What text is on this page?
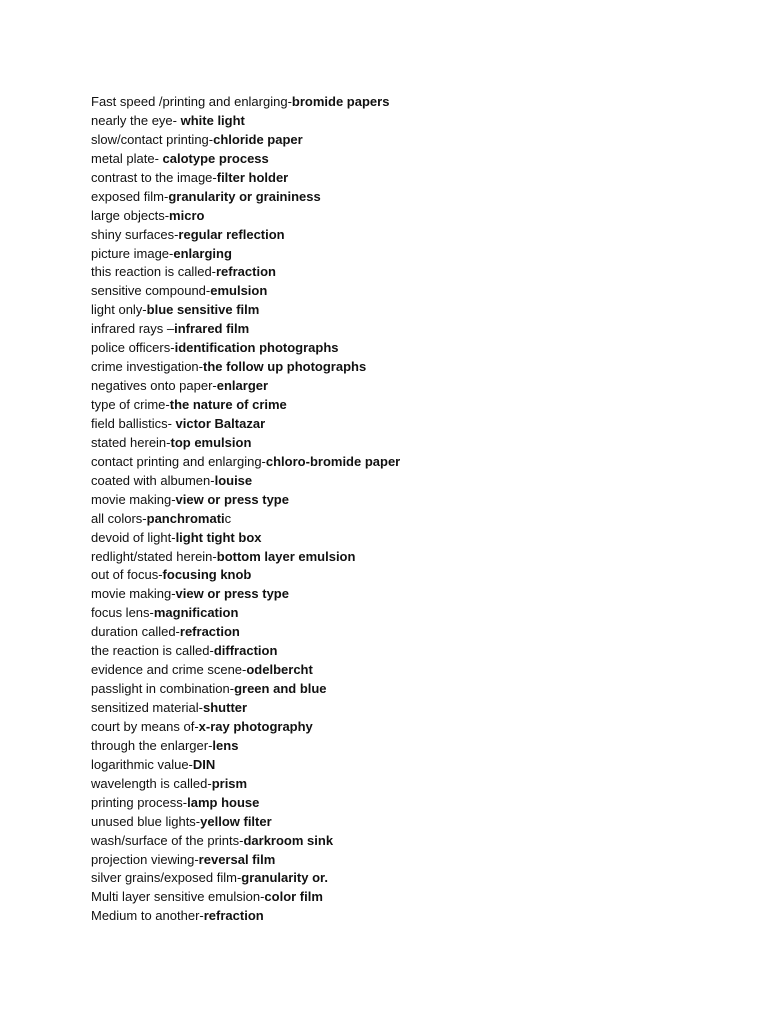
Fast speed /printing and enlarging-bromide papers
nearly the eye- white light
slow/contact printing-chloride paper
metal plate- calotype process
contrast to the image-filter holder
exposed film-granularity or graininess
large objects-micro
shiny surfaces-regular reflection
picture image-enlarging
this reaction is called-refraction
sensitive compound-emulsion
light only-blue sensitive film
infrared rays –infrared film
police officers-identification photographs
crime investigation-the follow up photographs
negatives onto paper-enlarger
type of crime-the nature of crime
field ballistics- victor Baltazar
stated herein-top emulsion
contact printing and enlarging-chloro-bromide paper
coated with albumen-louise
movie making-view or press type
all colors-panchromatic
devoid of light-light tight box
redlight/stated herein-bottom layer emulsion
out of focus-focusing knob
movie making-view or press type
focus lens-magnification
duration called-refraction
the reaction is called-diffraction
evidence and crime scene-odelbercht
passlight in combination-green and blue
sensitized material-shutter
court by means of-x-ray photography
through the enlarger-lens
logarithmic value-DIN
wavelength is called-prism
printing process-lamp house
unused blue lights-yellow filter
wash/surface of the prints-darkroom sink
projection viewing-reversal film
silver grains/exposed film-granularity or.
Multi layer sensitive emulsion-color film
Medium to another-refraction
